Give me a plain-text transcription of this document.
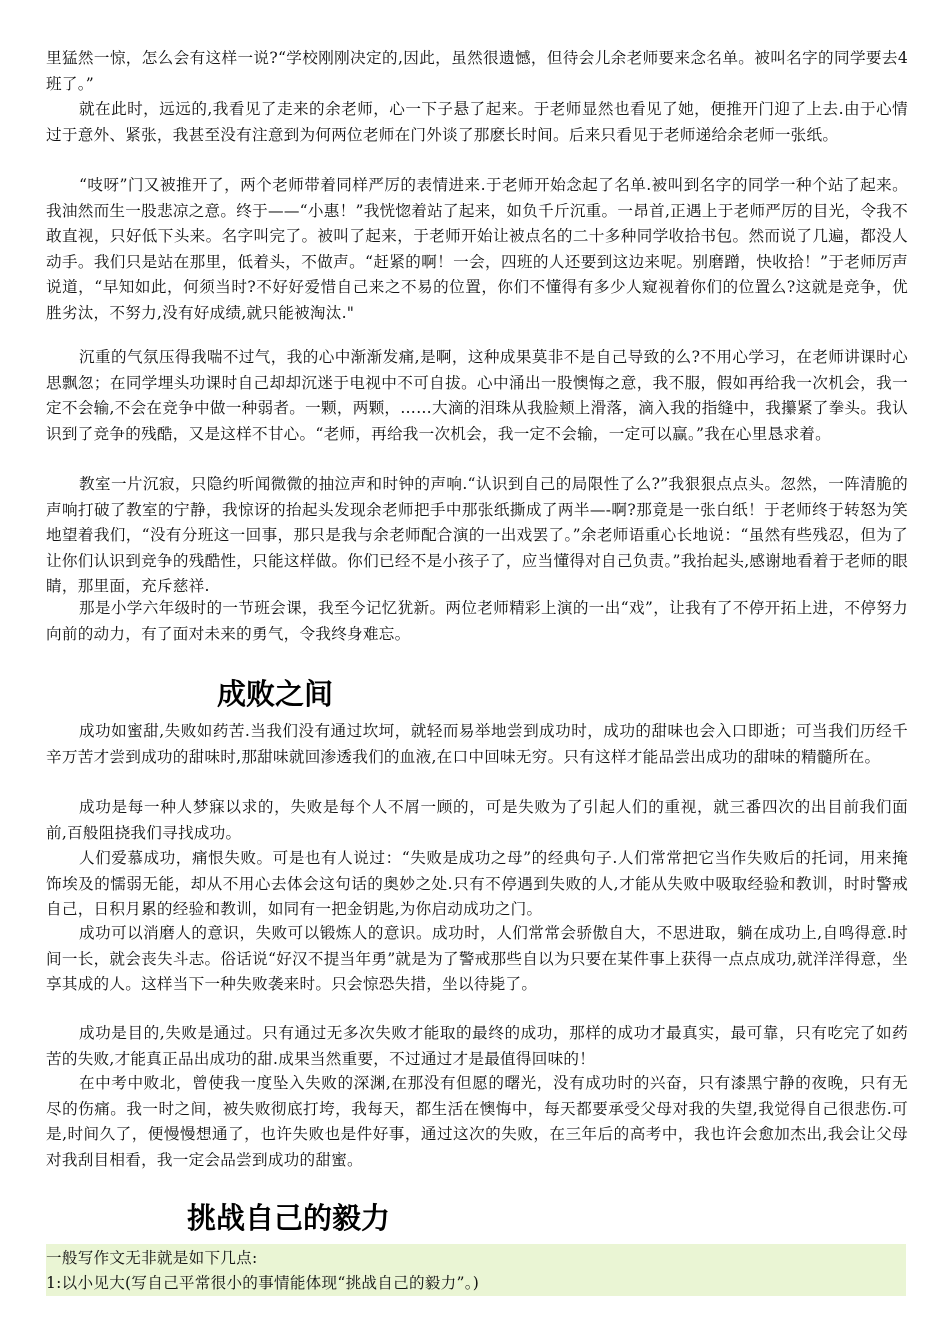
里猛然一惊，怎么会有这样一说?“学校刚刚决定的,因此，虽然很遗憾，但待会儿余老师要来念名单。被叫名字的同学要去4班了。”

就在此时，远远的,我看见了走来的余老师，心一下子悬了起来。于老师显然也看见了她，便推开门迎了上去.由于心情过于意外、紧张，我甚至没有注意到为何两位老师在门外谈了那麽长时间。后来只看见于老师递给余老师一张纸。

“吱呀”门又被推开了，两个老师带着同样严厉的表情进来.于老师开始念起了名单.被叫到名字的同学一种个站了起来。我油然而生一股悲凉之意。终于——“小惠！”我恍惚着站了起来，如负千斤沉重。一昂首,正遇上于老师严厉的目光，令我不敢直视，只好低下头来。名字叫完了。被叫了起来，于老师开始让被点名的二十多种同学收拾书包。然而说了几遍，都没人动手。我们只是站在那里，低着头，不做声。“赶紧的啊！一会，四班的人还要到这边来呢。别磨蹭，快收拾！”于老师厉声说道，“早知如此，何须当时?不好好爱惜自己来之不易的位置，你们不懂得有多少人窥视着你们的位置么?这就是竞争，优胜劣汰，不努力,没有好成绩,就只能被淘汰."

沉重的气氛压得我喘不过气，我的心中渐渐发痛,是啊，这种成果莫非不是自己导致的么?不用心学习，在老师讲课时心思飘忽；在同学埋头功课时自己却却沉迷于电视中不可自拔。心中涌出一股懊悔之意，我不服，假如再给我一次机会，我一定不会输,不会在竞争中做一种弱者。一颗，两颗，……大滴的泪珠从我脸颊上滑落，滴入我的指缝中，我攥紧了拳头。我认识到了竞争的残酷，又是这样不甘心。“老师，再给我一次机会，我一定不会输，一定可以赢。”我在心里恳求着。

教室一片沉寂，只隐约听闻微微的抽泣声和时钟的声响.“认识到自己的局限性了么?”我狠狠点点头。忽然，一阵清脆的声响打破了教室的宁静，我惊讶的抬起头发现余老师把手中那张纸撕成了两半—-啊?那竟是一张白纸！于老师终于转怒为笑地望着我们，“没有分班这一回事，那只是我与余老师配合演的一出戏罢了。”余老师语重心长地说：“虽然有些残忍，但为了让你们认识到竞争的残酷性，只能这样做。你们已经不是小孩子了，应当懂得对自己负责。”我抬起头,感谢地看着于老师的眼睛，那里面，充斥慈祥.

那是小学六年级时的一节班会课，我至今记忆犹新。两位老师精彩上演的一出“戏”，让我有了不停开拓上进，不停努力向前的动力，有了面对未来的勇气，令我终身难忘。

成败之间

成功如蜜甜,失败如药苦.当我们没有通过坎坷，就轻而易举地尝到成功时，成功的甜味也会入口即逝；可当我们历经千辛万苦才尝到成功的甜味时,那甜味就回渗透我们的血液,在口中回味无穷。只有这样才能品尝出成功的甜味的精髓所在。

成功是每一种人梦寐以求的，失败是每个人不屑一顾的，可是失败为了引起人们的重视，就三番四次的出目前我们面前,百般阻挠我们寻找成功。

人们爱慕成功，痛恨失败。可是也有人说过：“失败是成功之母”的经典句子.人们常常把它当作失败后的托词，用来掩饰埃及的懦弱无能，却从不用心去体会这句话的奥妙之处.只有不停遇到失败的人,才能从失败中吸取经验和教训，时时警戒自己，日积月累的经验和教训，如同有一把金钥匙,为你启动成功之门。

成功可以消磨人的意识，失败可以锻炼人的意识。成功时，人们常常会骄傲自大，不思进取，躺在成功上,自鸣得意.时间一长，就会丧失斗志。俗话说“好汉不提当年勇”就是为了警戒那些自以为只要在某件事上获得一点点成功,就洋洋得意，坐享其成的人。这样当下一种失败袭来时。只会惊恐失措，坐以待毙了。

成功是目的,失败是通过。只有通过无多次失败才能取的最终的成功，那样的成功才最真实，最可靠，只有吃完了如药苦的失败,才能真正品出成功的甜.成果当然重要，不过通过才是最值得回味的！

在中考中败北，曾使我一度坠入失败的深渊,在那没有但愿的曙光，没有成功时的兴奋，只有漆黑宁静的夜晚，只有无尽的伤痛。我一时之间，被失败彻底打垮，我每天，都生活在懊悔中，每天都要承受父母对我的失望,我觉得自己很悲伤.可是,时间久了，便慢慢想通了，也许失败也是件好事，通过这次的失败，在三年后的高考中，我也许会愈加杰出,我会让父母对我刮目相看，我一定会品尝到成功的甜蜜。

挑战自己的毅力

一般写作文无非就是如下几点:

1:以小见大(写自己平常很小的事情能体现“挑战自己的毅力”。)
